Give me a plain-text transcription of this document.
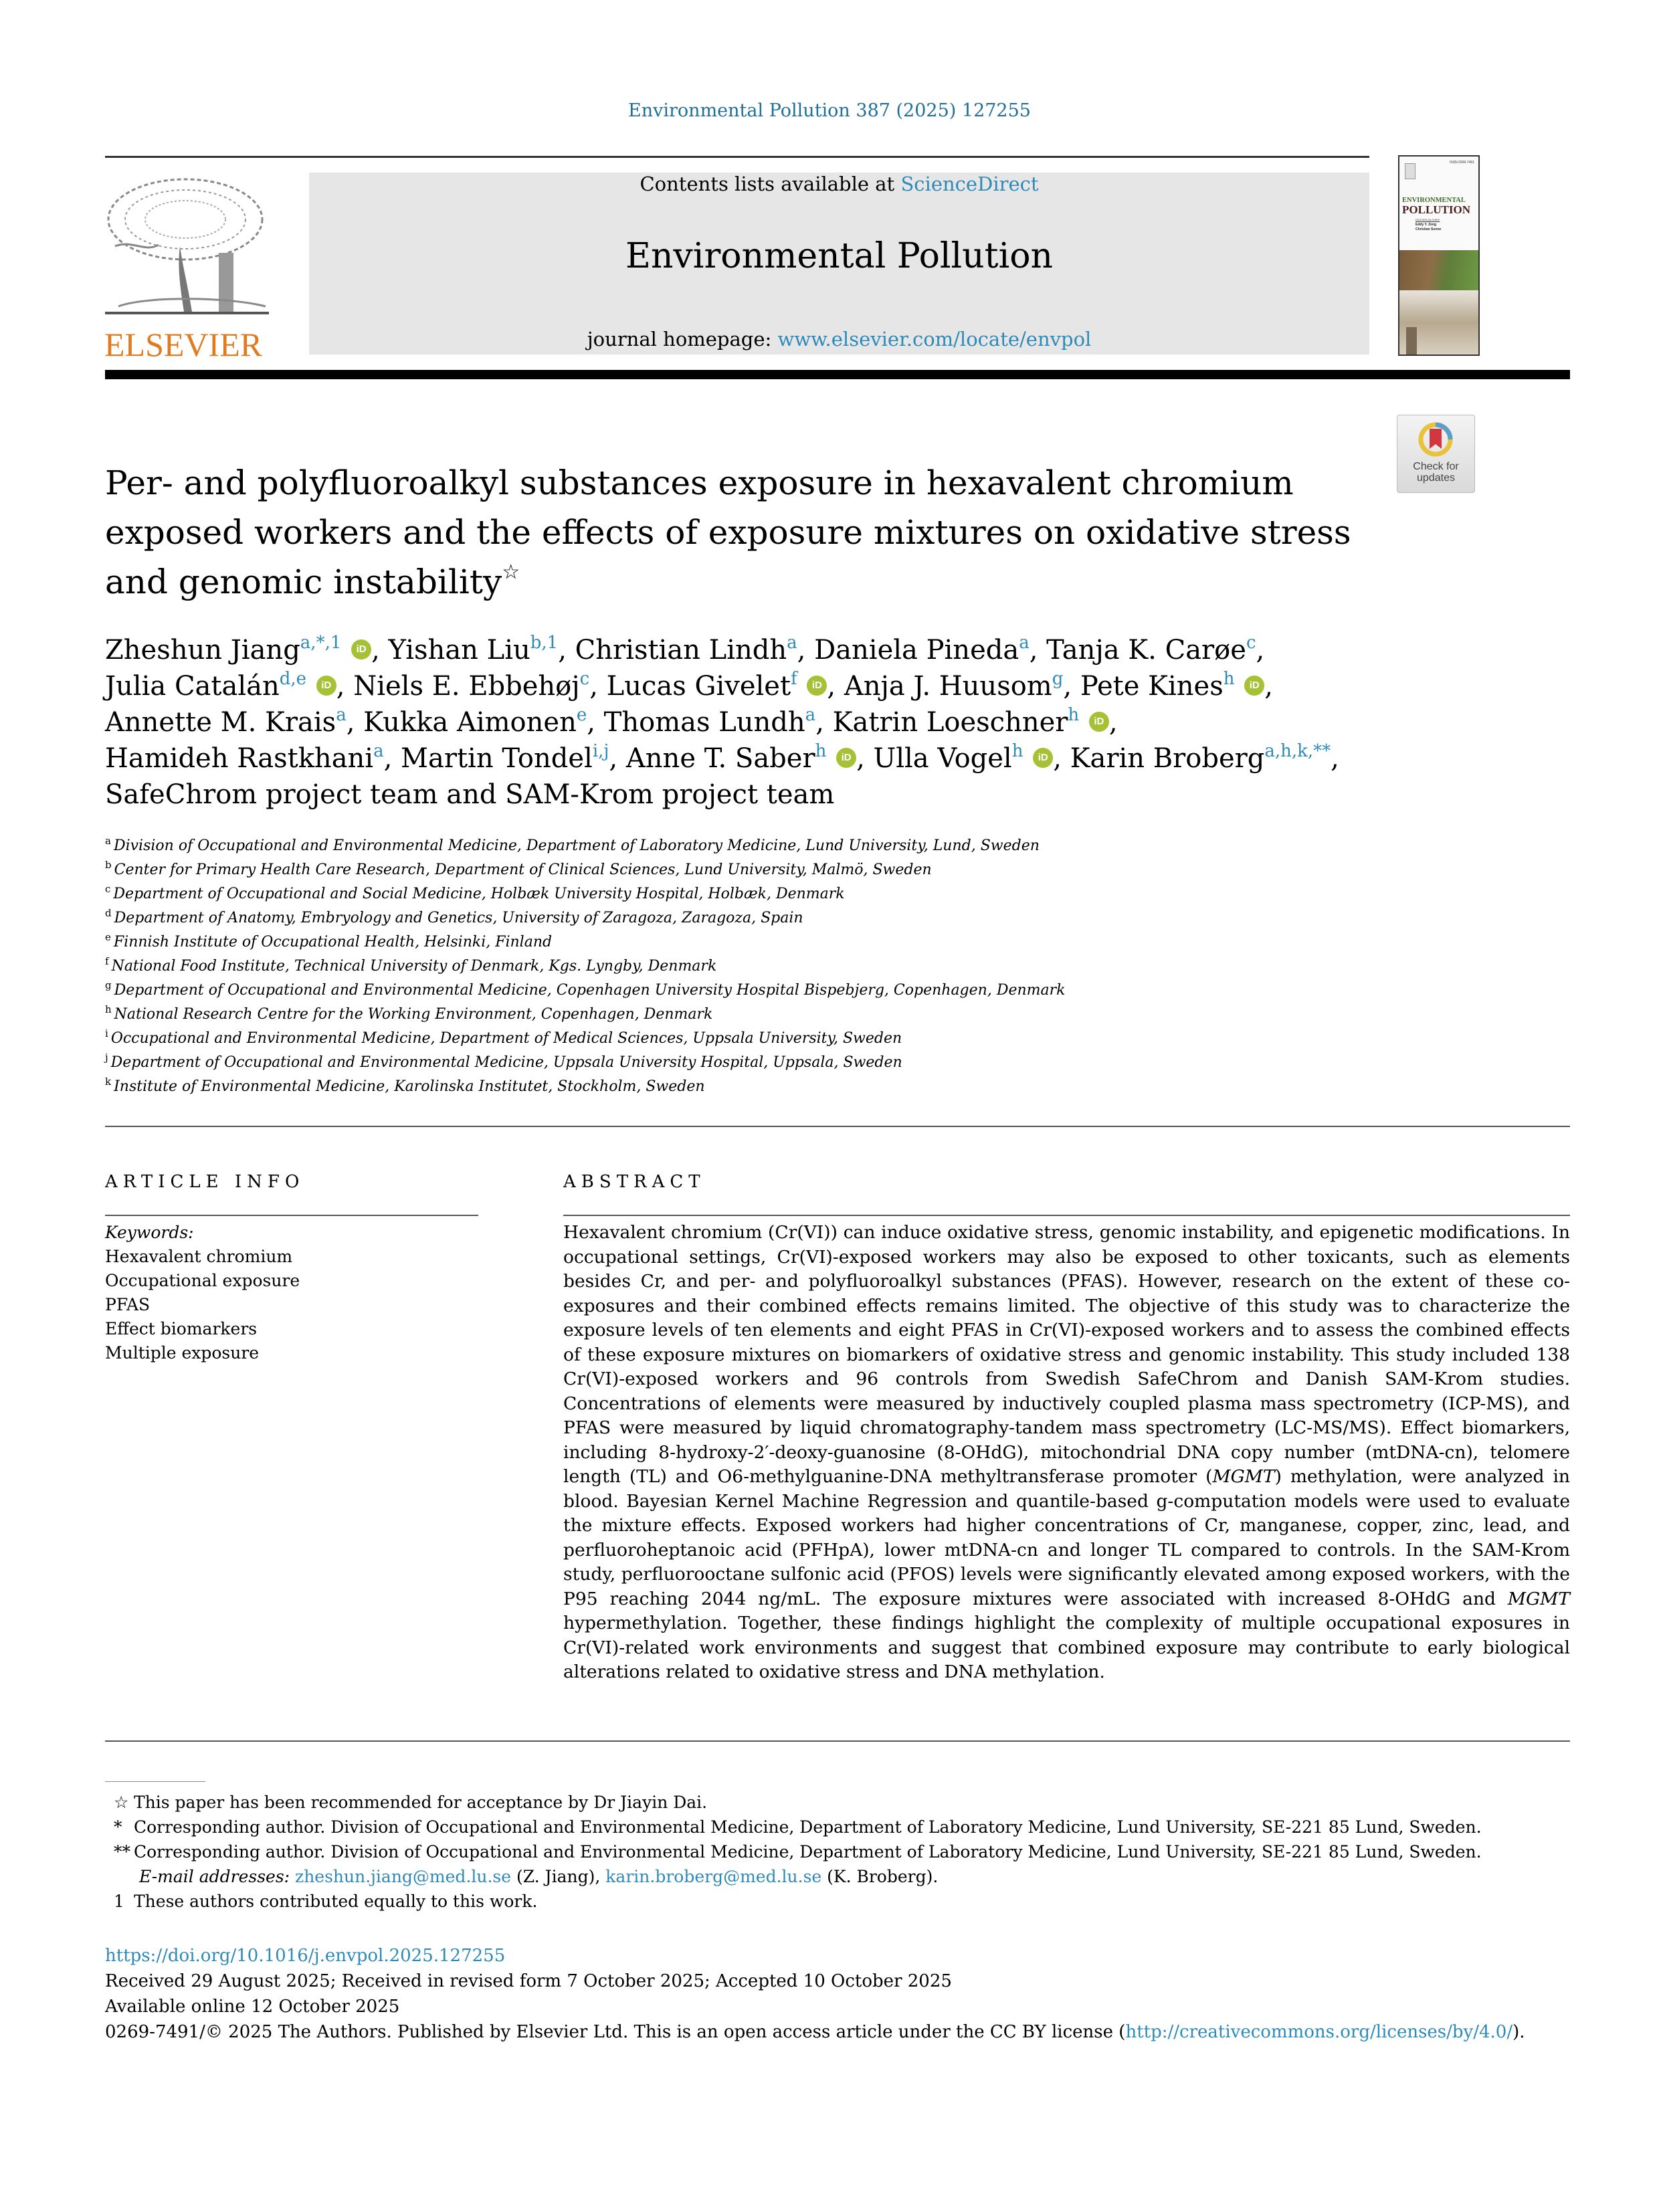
Environmental Pollution 387 (2025) 127255
ELSEVIER
Contents lists available at ScienceDirect
Environmental Pollution
journal homepage: www.elsevier.com/locate/envpol
ISSN 0269-7491
ENVIRONMENTAL
POLLUTION
EDITORS-IN-CHIEF
Eddy Y. Zeng
Christian Sonne
Check for updates
Per- and polyfluoroalkyl substances exposure in hexavalent chromium exposed workers and the effects of exposure mixtures on oxidative stress and genomic instability☆
Zheshun Jiang$^{a,*,1}$ iD , Yishan Liu$^{b,1}$, Christian Lindh$^a$, Daniela Pineda$^a$, Tanja K. Carøe$^c$,
Julia Catalán$^{d,e}$ iD , Niels E. Ebbehøj$^c$, Lucas Givelet$^f$ iD , Anja J. Huusom$^g$, Pete Kines$^h$ iD ,
Annette M. Krais$^a$, Kukka Aimonen$^e$, Thomas Lundh$^a$, Katrin Loeschner$^h$ iD ,
Hamideh Rastkhani$^a$, Martin Tondel$^{i,j}$, Anne T. Saber$^h$ iD , Ulla Vogel$^h$ iD , Karin Broberg$^{a,h,k,**}$,
SafeChrom project team and SAM-Krom project team
$^a$ Division of Occupational and Environmental Medicine, Department of Laboratory Medicine, Lund University, Lund, Sweden
$^b$ Center for Primary Health Care Research, Department of Clinical Sciences, Lund University, Malmö, Sweden
$^c$ Department of Occupational and Social Medicine, Holbæk University Hospital, Holbæk, Denmark
$^d$ Department of Anatomy, Embryology and Genetics, University of Zaragoza, Zaragoza, Spain
$^e$ Finnish Institute of Occupational Health, Helsinki, Finland
$^f$ National Food Institute, Technical University of Denmark, Kgs. Lyngby, Denmark
$^g$ Department of Occupational and Environmental Medicine, Copenhagen University Hospital Bispebjerg, Copenhagen, Denmark
$^h$ National Research Centre for the Working Environment, Copenhagen, Denmark
$^i$ Occupational and Environmental Medicine, Department of Medical Sciences, Uppsala University, Sweden
$^j$ Department of Occupational and Environmental Medicine, Uppsala University Hospital, Uppsala, Sweden
$^k$ Institute of Environmental Medicine, Karolinska Institutet, Stockholm, Sweden
ARTICLE INFO
Keywords:
Hexavalent chromium
Occupational exposure
PFAS
Effect biomarkers
Multiple exposure
ABSTRACT
Hexavalent chromium (Cr(VI)) can induce oxidative stress, genomic instability, and epigenetic modifications. In occupational settings, Cr(VI)-exposed workers may also be exposed to other toxicants, such as elements besides Cr, and per- and polyfluoroalkyl substances (PFAS). However, research on the extent of these co-exposures and their combined effects remains limited. The objective of this study was to characterize the exposure levels of ten elements and eight PFAS in Cr(VI)-exposed workers and to assess the combined effects of these exposure mixtures on biomarkers of oxidative stress and genomic instability. This study included 138 Cr(VI)-exposed workers and 96 controls from Swedish SafeChrom and Danish SAM-Krom studies. Concentrations of elements were measured by inductively coupled plasma mass spectrometry (ICP-MS), and PFAS were measured by liquid chromatography-tandem mass spectrometry (LC-MS/MS). Effect biomarkers, including 8-hydroxy-2′-deoxy-guanosine (8-OHdG), mitochondrial DNA copy number (mtDNA-cn), telomere length (TL) and O6-methylguanine-DNA methyltransferase promoter (MGMT) methylation, were analyzed in blood. Bayesian Kernel Machine Regression and quantile-based g-computation models were used to evaluate the mixture effects. Exposed workers had higher concentrations of Cr, manganese, copper, zinc, lead, and perfluoroheptanoic acid (PFHpA), lower mtDNA-cn and longer TL compared to controls. In the SAM-Krom study, perfluorooctane sulfonic acid (PFOS) levels were significantly elevated among exposed workers, with the P95 reaching 2044 ng/mL. The exposure mixtures were associated with increased 8-OHdG and MGMT hypermethylation. Together, these findings highlight the complexity of multiple occupational exposures in Cr(VI)-related work environments and suggest that combined exposure may contribute to early biological alterations related to oxidative stress and DNA methylation.
☆ This paper has been recommended for acceptance by Dr Jiayin Dai.
* Corresponding author. Division of Occupational and Environmental Medicine, Department of Laboratory Medicine, Lund University, SE-221 85 Lund, Sweden.
** Corresponding author. Division of Occupational and Environmental Medicine, Department of Laboratory Medicine, Lund University, SE-221 85 Lund, Sweden.
E-mail addresses: zheshun.jiang@med.lu.se (Z. Jiang), karin.broberg@med.lu.se (K. Broberg).
1 These authors contributed equally to this work.
https://doi.org/10.1016/j.envpol.2025.127255
Received 29 August 2025; Received in revised form 7 October 2025; Accepted 10 October 2025
Available online 12 October 2025
0269-7491/© 2025 The Authors. Published by Elsevier Ltd. This is an open access article under the CC BY license (http://creativecommons.org/licenses/by/4.0/).
